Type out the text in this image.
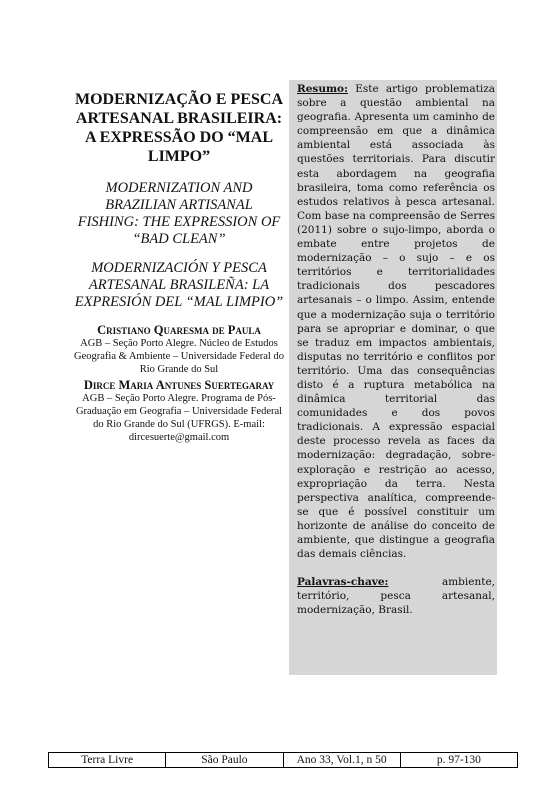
MODERNIZAÇÃO E PESCA ARTESANAL BRASILEIRA: A EXPRESSÃO DO “MAL LIMPO”
MODERNIZATION AND BRAZILIAN ARTISANAL FISHING: THE EXPRESSION OF “BAD CLEAN”
MODERNIZACIÓN Y PESCA ARTESANAL BRASILEÑA: LA EXPRESIÓN DEL “MAL LIMPIO”
Cristiano Quaresma de Paula
AGB – Seção Porto Alegre. Núcleo de Estudos Geografia & Ambiente – Universidade Federal do Rio Grande do Sul
Dirce Maria Antunes Suertegaray
AGB – Seção Porto Alegre. Programa de Pós-Graduação em Geografia – Universidade Federal do Rio Grande do Sul (UFRGS). E-mail: dircesuerte@gmail.com

Resumo: Este artigo problematiza sobre a questão ambiental na geografia. Apresenta um caminho de compreensão em que a dinâmica ambiental está associada às questões territoriais. Para discutir esta abordagem na geografia brasileira, toma como referência os estudos relativos à pesca artesanal. Com base na compreensão de Serres (2011) sobre o sujo-limpo, aborda o embate entre projetos de modernização – o sujo – e os territórios e territorialidades tradicionais dos pescadores artesanais – o limpo. Assim, entende que a modernização suja o território para se apropriar e dominar, o que se traduz em impactos ambientais, disputas no território e conflitos por território. Uma das consequências disto é a ruptura metabólica na dinâmica territorial das comunidades e dos povos tradicionais. A expressão espacial deste processo revela as faces da modernização: degradação, sobre-exploração e restrição ao acesso, expropriação da terra. Nesta perspectiva analítica, compreende-se que é possível constituir um horizonte de análise do conceito de ambiente, que distingue a geografia das demais ciências.

Palavras-chave:	ambiente, território, pesca artesanal, modernização, Brasil.

Terra Livre	São Paulo	Ano 33, Vol.1, n 50	p. 97-130
